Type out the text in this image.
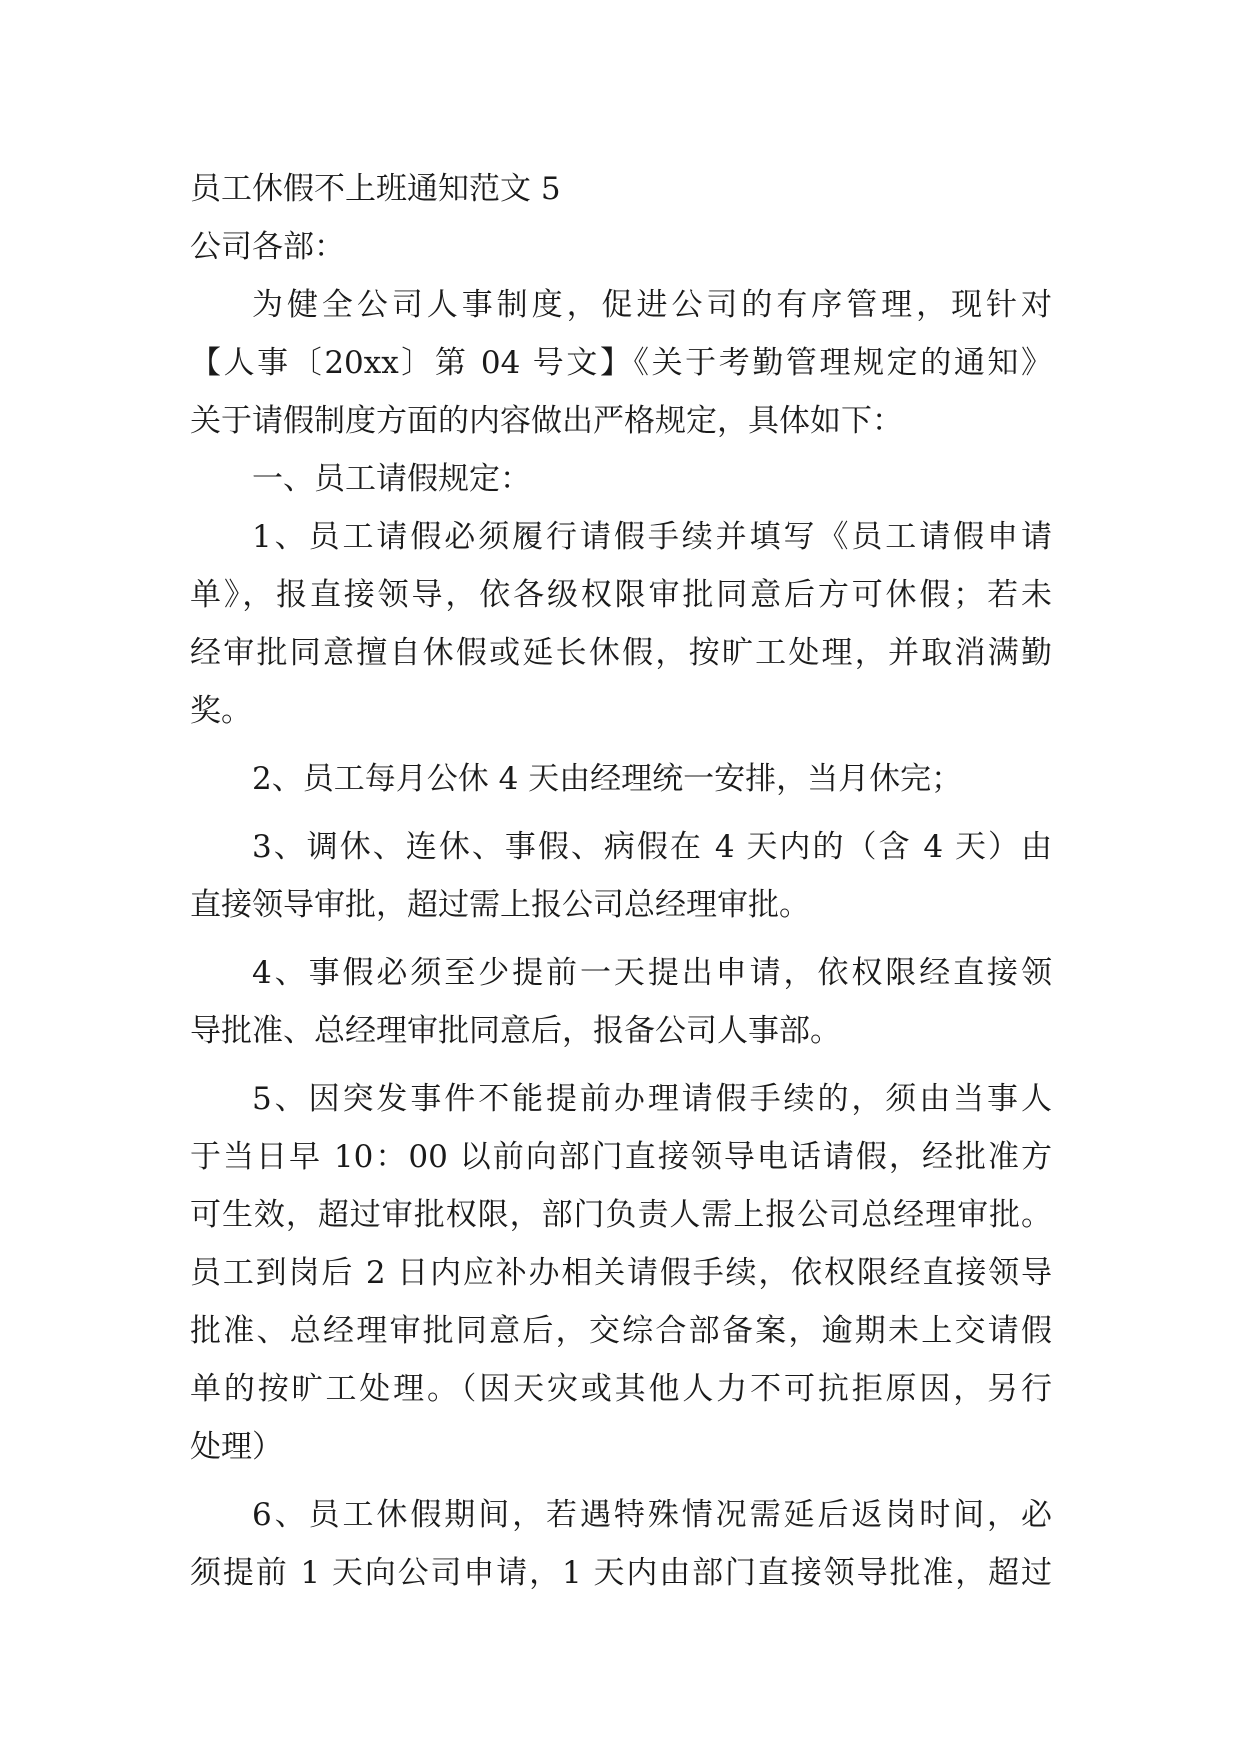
员工休假不上班通知范文 5
公司各部：
为健全公司人事制度，促进公司的有序管理，现针对
【人事〔20xx〕第 04 号文】《关于考勤管理规定的通知》
关于请假制度方面的内容做出严格规定，具体如下：
一、员工请假规定：
1、员工请假必须履行请假手续并填写《员工请假申请
单》，报直接领导，依各级权限审批同意后方可休假；若未
经审批同意擅自休假或延长休假，按旷工处理，并取消满勤
奖。
2、员工每月公休 4 天由经理统一安排，当月休完；
3、调休、连休、事假、病假在 4 天内的（含 4 天）由
直接领导审批，超过需上报公司总经理审批。
4、事假必须至少提前一天提出申请，依权限经直接领
导批准、总经理审批同意后，报备公司人事部。
5、因突发事件不能提前办理请假手续的，须由当事人
于当日早 10：00 以前向部门直接领导电话请假，经批准方
可生效，超过审批权限，部门负责人需上报公司总经理审批。
员工到岗后 2 日内应补办相关请假手续，依权限经直接领导
批准、总经理审批同意后，交综合部备案，逾期未上交请假
单的按旷工处理。（因天灾或其他人力不可抗拒原因，另行
处理）
6、员工休假期间，若遇特殊情况需延后返岗时间，必
须提前 1 天向公司申请，1 天内由部门直接领导批准，超过
